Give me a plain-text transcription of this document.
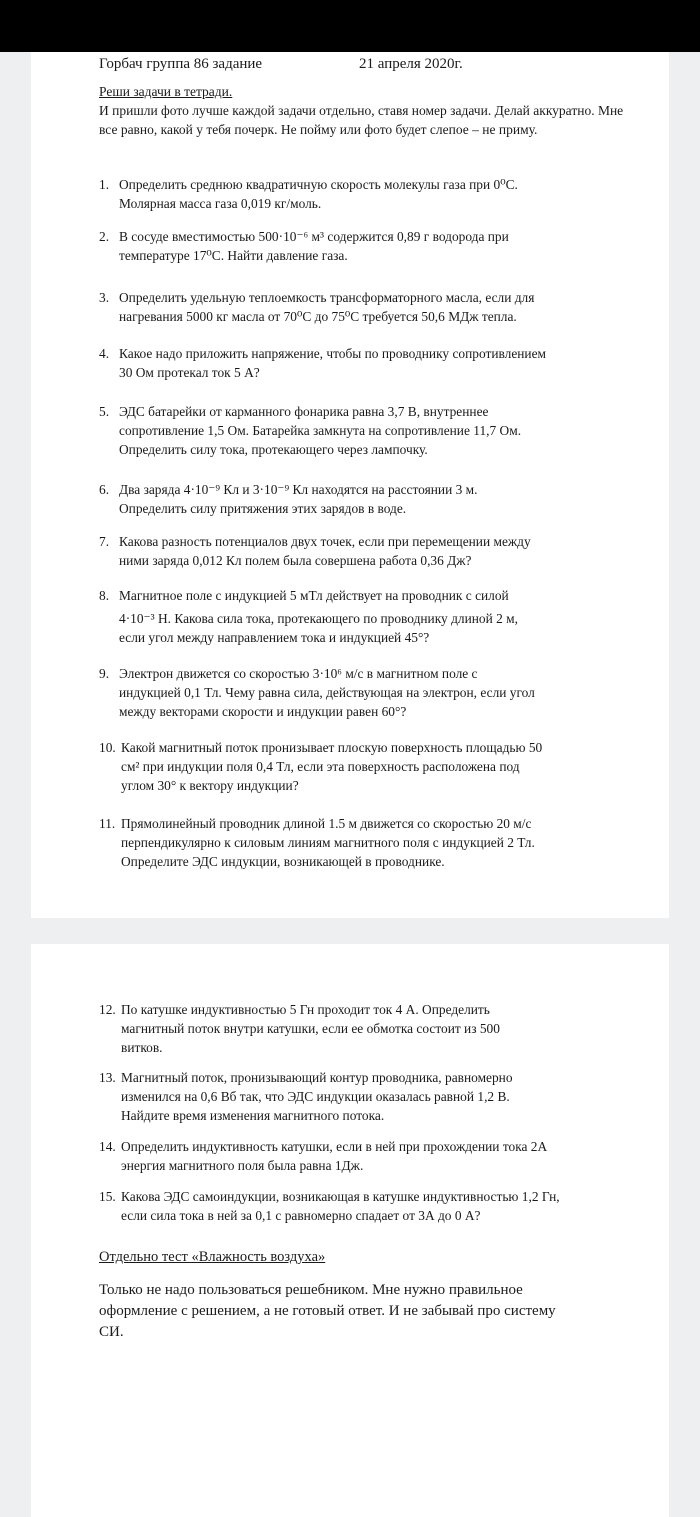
Горбач группа 86 задание	21 апреля 2020г.
Реши задачи в тетради.
И пришли фото лучше каждой задачи отдельно, ставя номер задачи. Делай аккуратно. Мне все равно, какой у тебя почерк. Не пойму или фото будет слепое – не приму.
1. Определить среднюю квадратичную скорость молекулы газа при 0⁰С.
Молярная масса газа 0,019 кг/моль.
2. В сосуде вместимостью 500·10⁻⁶ м³ содержится 0,89 г водорода при
температуре 17⁰С. Найти давление газа.
3. Определить удельную теплоемкость трансформаторного масла, если для
нагревания 5000 кг масла от 70⁰С до 75⁰С требуется 50,6 МДж тепла.
4. Какое надо приложить напряжение, чтобы по проводнику сопротивлением
30 Ом протекал ток 5 А?
5. ЭДС батарейки от карманного фонарика равна 3,7 В, внутреннее
сопротивление 1,5 Ом. Батарейка замкнута на сопротивление 11,7 Ом.
Определить силу тока, протекающего через лампочку.
6. Два заряда 4·10⁻⁹ Кл и 3·10⁻⁹ Кл находятся на расстоянии 3 м.
Определить силу притяжения этих зарядов в воде.
7. Какова разность потенциалов двух точек, если при перемещении между
ними заряда 0,012 Кл полем была совершена работа 0,36 Дж?
8. Магнитное поле с индукцией 5 мТл действует на проводник с силой
4·10⁻³ Н. Какова сила тока, протекающего по проводнику длиной 2 м,
если угол между направлением тока и индукцией 45°?
9. Электрон движется со скоростью 3·10⁶ м/с в магнитном поле с
индукцией 0,1 Тл. Чему равна сила, действующая на электрон, если угол
между векторами скорости и индукции равен 60°?
10. Какой магнитный поток пронизывает плоскую поверхность площадью 50
см² при индукции поля 0,4 Тл, если эта поверхность расположена под
углом 30° к вектору индукции?
11. Прямолинейный проводник длиной 1.5 м движется со скоростью 20 м/с
перпендикулярно к силовым линиям магнитного поля с индукцией 2 Тл.
Определите ЭДС индукции, возникающей в проводнике.
12. По катушке индуктивностью 5 Гн проходит ток 4 А. Определить
магнитный поток внутри катушки, если ее обмотка состоит из 500
витков.
13. Магнитный поток, пронизывающий контур проводника, равномерно
изменился на 0,6 Вб так, что ЭДС индукции оказалась равной 1,2 В.
Найдите время изменения магнитного потока.
14. Определить индуктивность катушки, если в ней при прохождении тока 2А
энергия магнитного поля была равна 1Дж.
15. Какова ЭДС самоиндукции, возникающая в катушке индуктивностью 1,2 Гн,
если сила тока в ней за 0,1 с равномерно спадает от 3А до 0 А?
Отдельно тест «Влажность воздуха»
Только не надо пользоваться решебником. Мне нужно правильное оформление с решением, а не готовый ответ. И не забывай про систему СИ.
